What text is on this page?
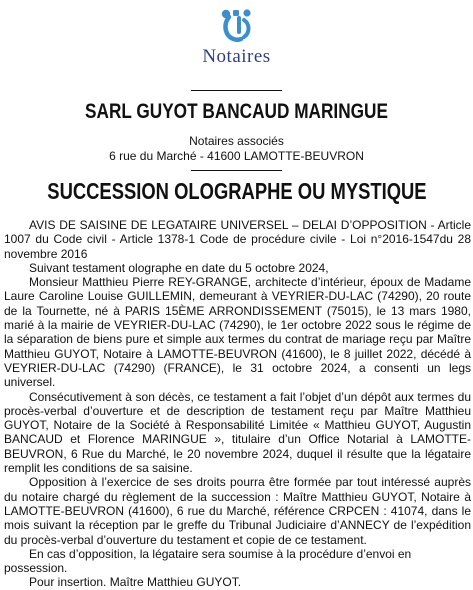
Notaires
SARL GUYOT BANCAUD MARINGUE
Notaires associés
6 rue du Marché - 41600 LAMOTTE-BEUVRON
SUCCESSION OLOGRAPHE OU MYSTIQUE

AVIS DE SAISINE DE LEGATAIRE UNIVERSEL – DELAI D’OPPOSITION - Article 1007 du Code civil - Article 1378-1 Code de procédure civile - Loi n°2016-1547du 28 novembre 2016

Suivant testament olographe en date du 5 octobre 2024,

Monsieur Matthieu Pierre REY-GRANGE, architecte d’intérieur, époux de Madame Laure Caroline Louise GUILLEMIN, demeurant à VEYRIER-DU-LAC (74290), 20 route de la Tournette, né à PARIS 15ÈME ARRONDISSEMENT (75015), le 13 mars 1980, marié à la mairie de VEYRIER-DU-LAC (74290), le 1er octobre 2022 sous le régime de la séparation de biens pure et simple aux termes du contrat de mariage reçu par Maître Matthieu GUYOT, Notaire à LAMOTTE-BEUVRON (41600), le 8 juillet 2022, décédé à VEYRIER-DU-LAC (74290) (FRANCE), le 31 octobre 2024, a consenti un legs universel.

Consécutivement à son décès, ce testament a fait l’objet d’un dépôt aux termes du procès-verbal d’ouverture et de description de testament reçu par Maître Matthieu GUYOT, Notaire de la Société à Responsabilité Limitée « Matthieu GUYOT, Augustin BANCAUD et Florence MARINGUE », titulaire d’un Office Notarial à LAMOTTE-BEUVRON, 6 Rue du Marché, le 20 novembre 2024, duquel il résulte que la légataire remplit les conditions de sa saisine.

Opposition à l’exercice de ses droits pourra être formée par tout intéressé auprès du notaire chargé du règlement de la succession : Maître Matthieu GUYOT, Notaire à LAMOTTE-BEUVRON (41600), 6 rue du Marché, référence CRPCEN : 41074, dans le mois suivant la réception par le greffe du Tribunal Judiciaire d’ANNECY de l’expédition du procès-verbal d’ouverture du testament et copie de ce testament.

En cas d’opposition, la légataire sera soumise à la procédure d’envoi en possession.

Pour insertion. Maître Matthieu GUYOT.
